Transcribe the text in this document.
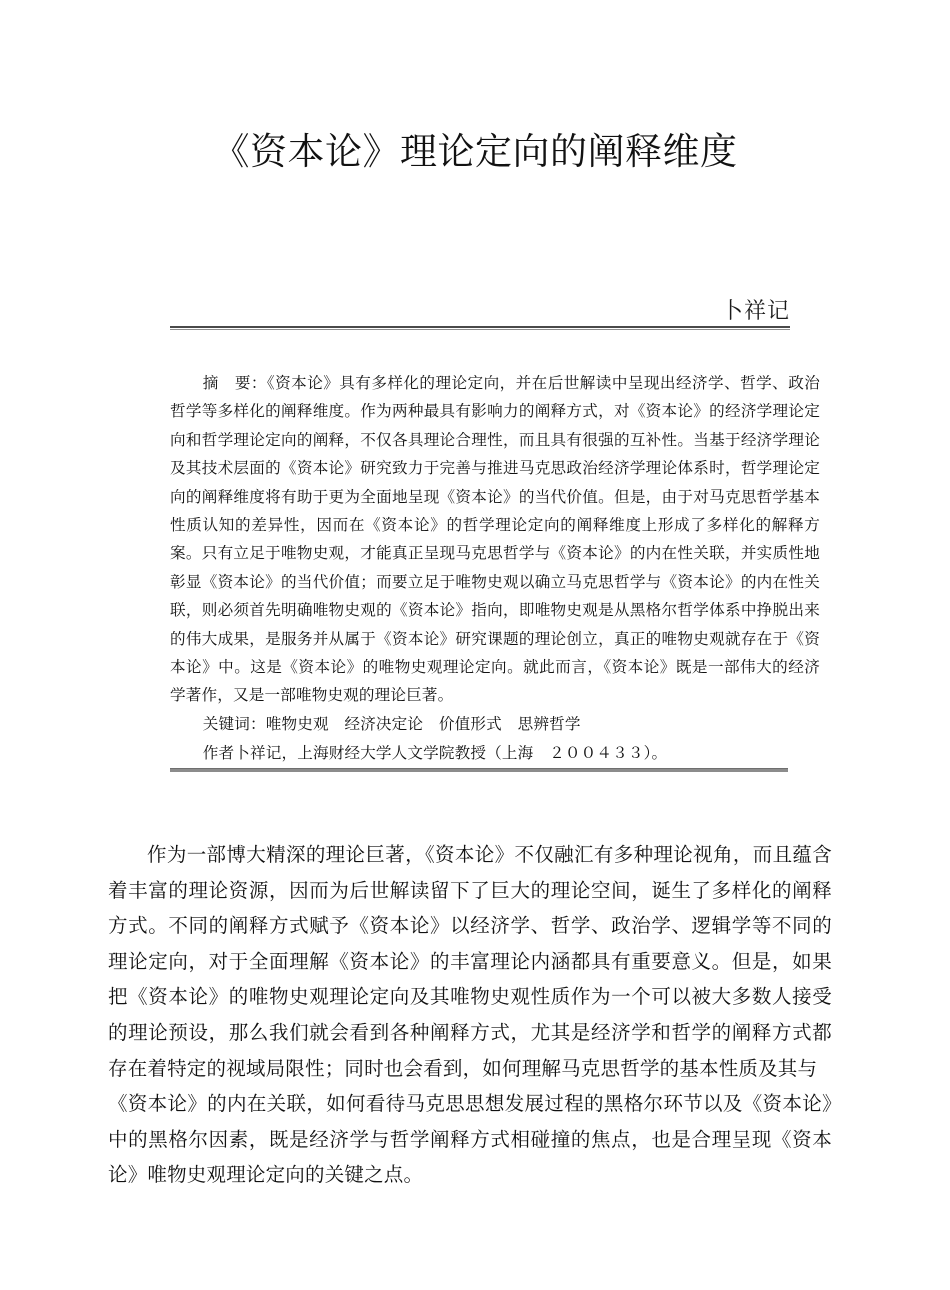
《资本论》理论定向的阐释维度
卜祥记

摘　要：《资本论》具有多样化的理论定向，并在后世解读中呈现出经济学、哲学、政治哲学等多样化的阐释维度。作为两种最具有影响力的阐释方式，对《资本论》的经济学理论定向和哲学理论定向的阐释，不仅各具理论合理性，而且具有很强的互补性。当基于经济学理论及其技术层面的《资本论》研究致力于完善与推进马克思政治经济学理论体系时，哲学理论定向的阐释维度将有助于更为全面地呈现《资本论》的当代价值。但是，由于对马克思哲学基本性质认知的差异性，因而在《资本论》的哲学理论定向的阐释维度上形成了多样化的解释方案。只有立足于唯物史观，才能真正呈现马克思哲学与《资本论》的内在性关联，并实质性地彰显《资本论》的当代价值；而要立足于唯物史观以确立马克思哲学与《资本论》的内在性关联，则必须首先明确唯物史观的《资本论》指向，即唯物史观是从黑格尔哲学体系中挣脱出来的伟大成果，是服务并从属于《资本论》研究课题的理论创立，真正的唯物史观就存在于《资本论》中。这是《资本论》的唯物史观理论定向。就此而言，《资本论》既是一部伟大的经济学著作，又是一部唯物史观的理论巨著。

关键词：唯物史观　经济决定论　价值形式　思辨哲学

作者卜祥记，上海财经大学人文学院教授（上海　２００４３３）。

作为一部博大精深的理论巨著，《资本论》不仅融汇有多种理论视角，而且蕴含着丰富的理论资源，因而为后世解读留下了巨大的理论空间，诞生了多样化的阐释方式。不同的阐释方式赋予《资本论》以经济学、哲学、政治学、逻辑学等不同的理论定向，对于全面理解《资本论》的丰富理论内涵都具有重要意义。但是，如果把《资本论》的唯物史观理论定向及其唯物史观性质作为一个可以被大多数人接受的理论预设，那么我们就会看到各种阐释方式，尤其是经济学和哲学的阐释方式都存在着特定的视域局限性；同时也会看到，如何理解马克思哲学的基本性质及其与

《资本论》的内在关联，如何看待马克思思想发展过程的黑格尔环节以及《资本论》中的黑格尔因素，既是经济学与哲学阐释方式相碰撞的焦点，也是合理呈现《资本论》唯物史观理论定向的关键之点。
